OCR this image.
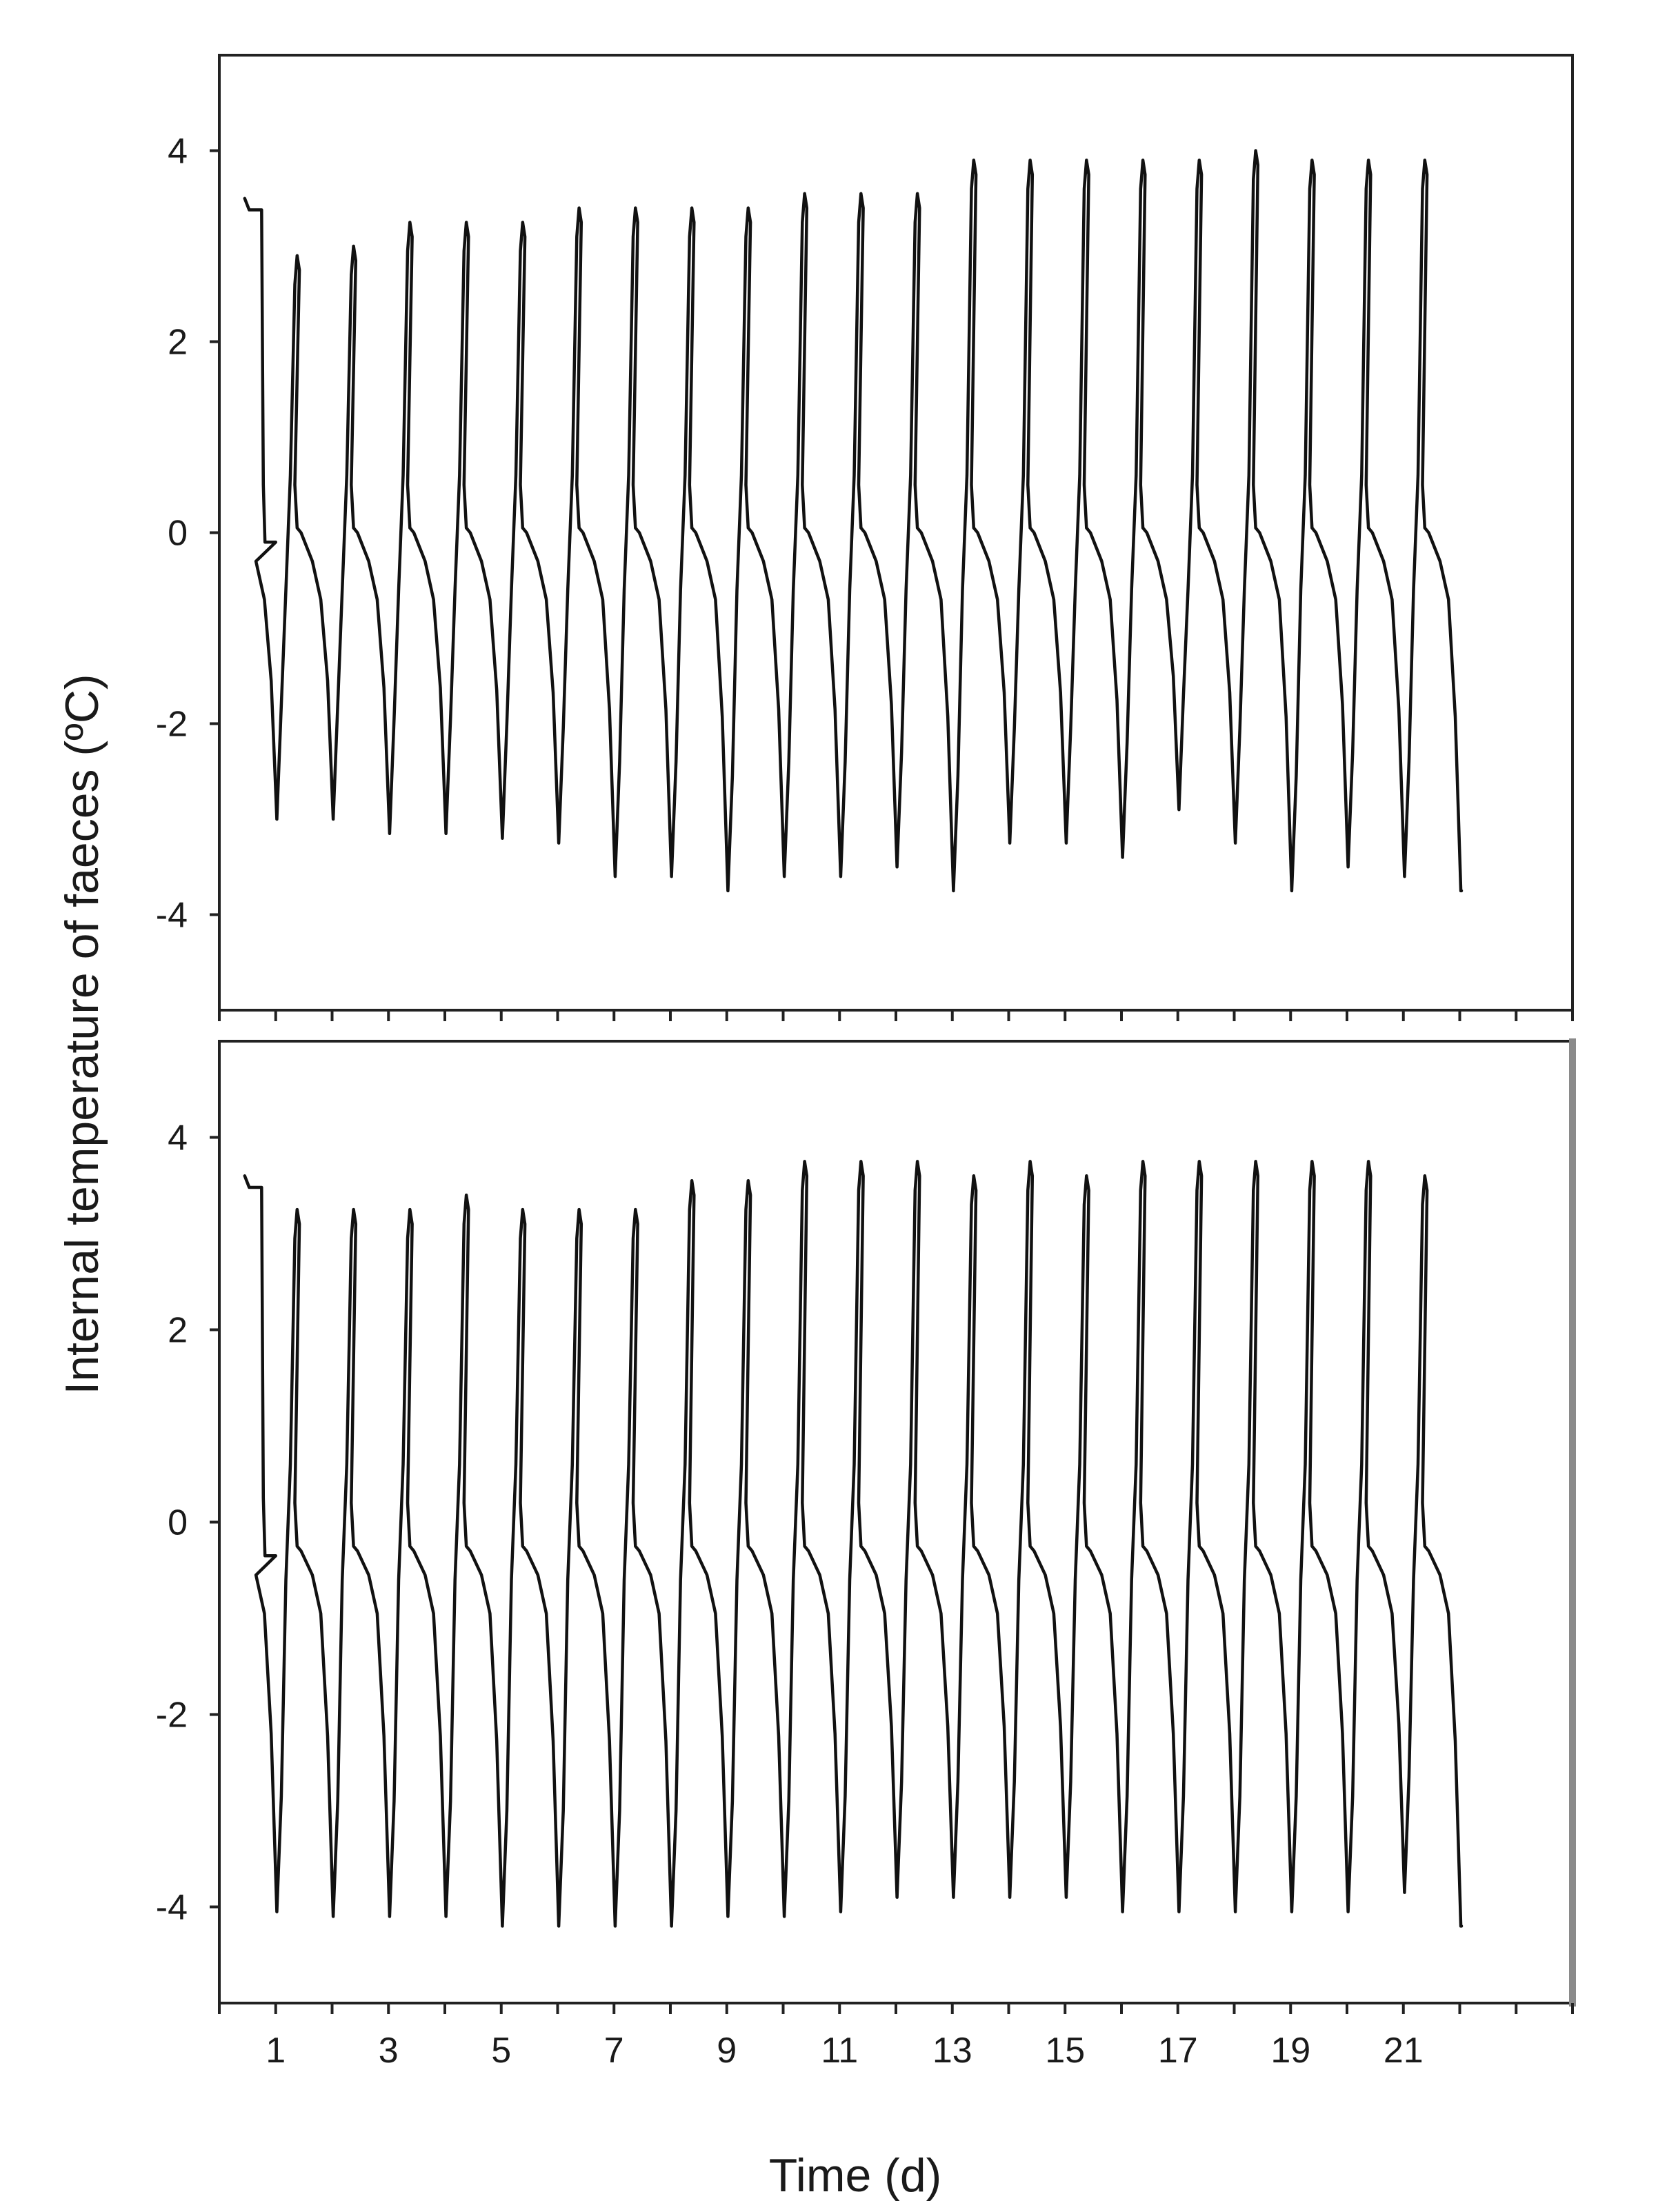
4
2
0
-2
-4
4
2
0
-2
-4
1	3	5	7	9 11 13 15 17 19 21
Internal temperature of faeces (ºC)
Time (d)
